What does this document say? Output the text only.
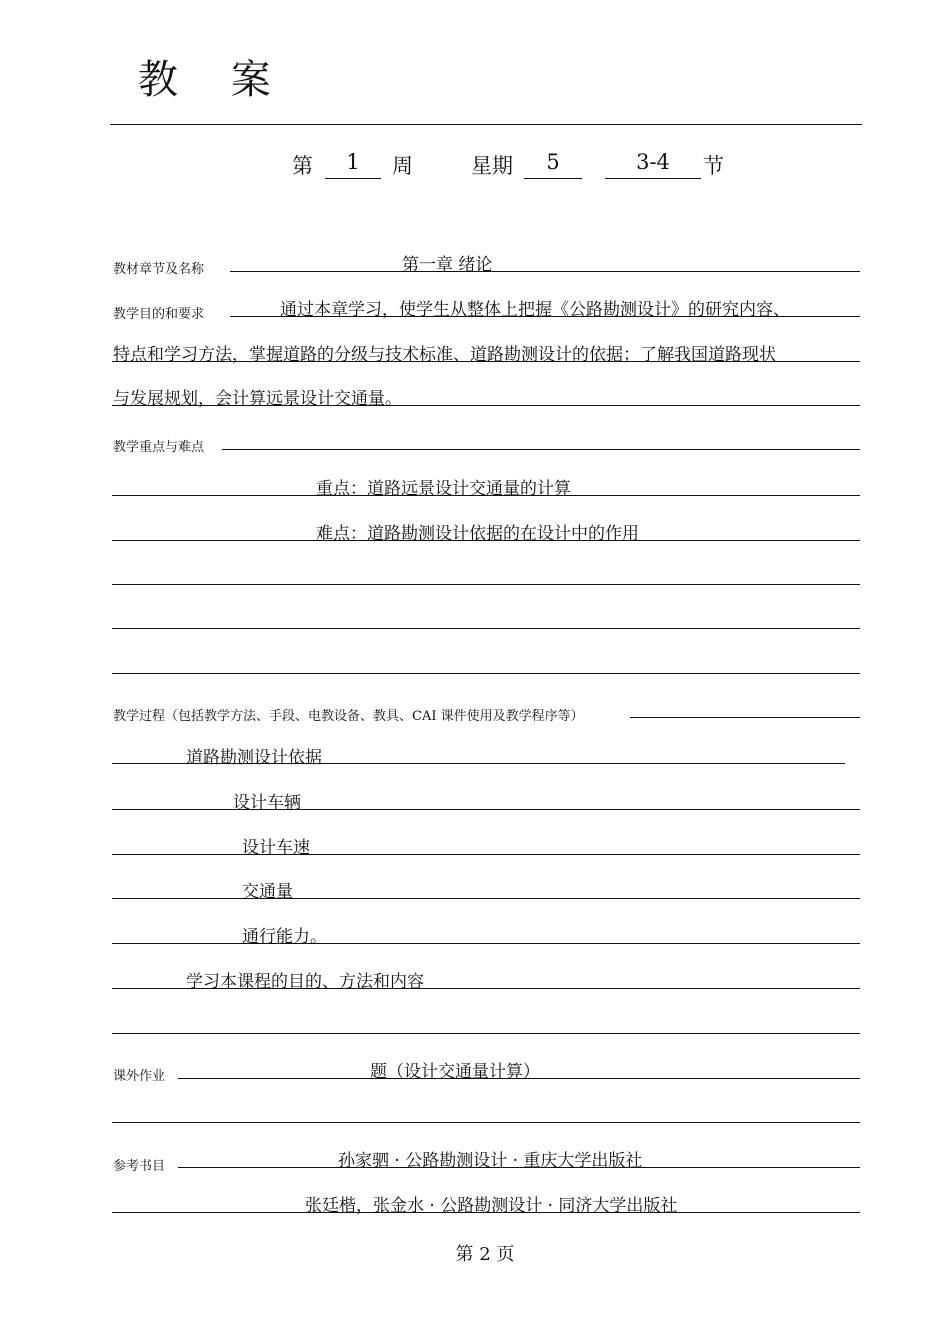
教 案
第	1	周	星期	5	3-4	节
教材章节及名称	第一章 绪论
教学目的和要求	通过本章学习，使学生从整体上把握《公路勘测设计》的研究内容、
特点和学习方法，掌握道路的分级与技术标准、道路勘测设计的依据；了解我国道路现状
与发展规划，会计算远景设计交通量。
教学重点与难点
重点：道路远景设计交通量的计算
难点：道路勘测设计依据的在设计中的作用
教学过程（包括教学方法、手段、电教设备、教具、CAI 课件使用及教学程序等）
道路勘测设计依据
设计车辆
设计车速
交通量
通行能力。
学习本课程的目的、方法和内容
课外作业	题（设计交通量计算）
参考书目	孙家驷 · 公路勘测设计 · 重庆大学出版社
张廷楷，张金水 · 公路勘测设计 · 同济大学出版社
第 2 页
